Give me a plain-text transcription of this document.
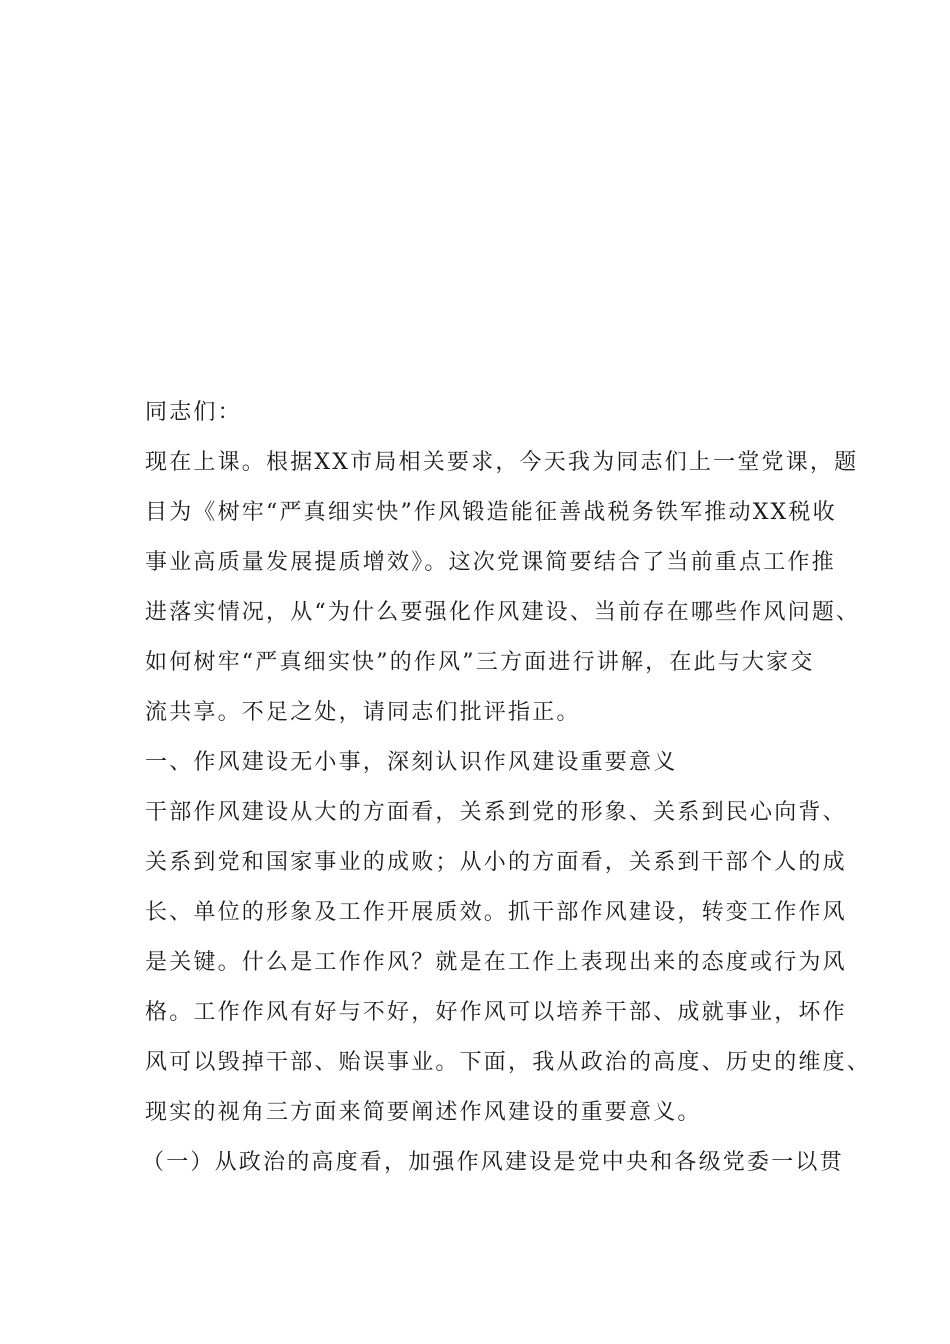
同志们：
现在上课。根据XX市局相关要求，今天我为同志们上一堂党课，题
目为《树牢“严真细实快”作风锻造能征善战税务铁军推动XX税收
事业高质量发展提质增效》。这次党课简要结合了当前重点工作推
进落实情况，从“为什么要强化作风建设、当前存在哪些作风问题、
如何树牢“严真细实快”的作风”三方面进行讲解，在此与大家交
流共享。不足之处，请同志们批评指正。
一、作风建设无小事，深刻认识作风建设重要意义
干部作风建设从大的方面看，关系到党的形象、关系到民心向背、
关系到党和国家事业的成败；从小的方面看，关系到干部个人的成
长、单位的形象及工作开展质效。抓干部作风建设，转变工作作风
是关键。什么是工作作风？就是在工作上表现出来的态度或行为风
格。工作作风有好与不好，好作风可以培养干部、成就事业，坏作
风可以毁掉干部、贻误事业。下面，我从政治的高度、历史的维度、
现实的视角三方面来简要阐述作风建设的重要意义。
（一）从政治的高度看，加强作风建设是党中央和各级党委一以贯
